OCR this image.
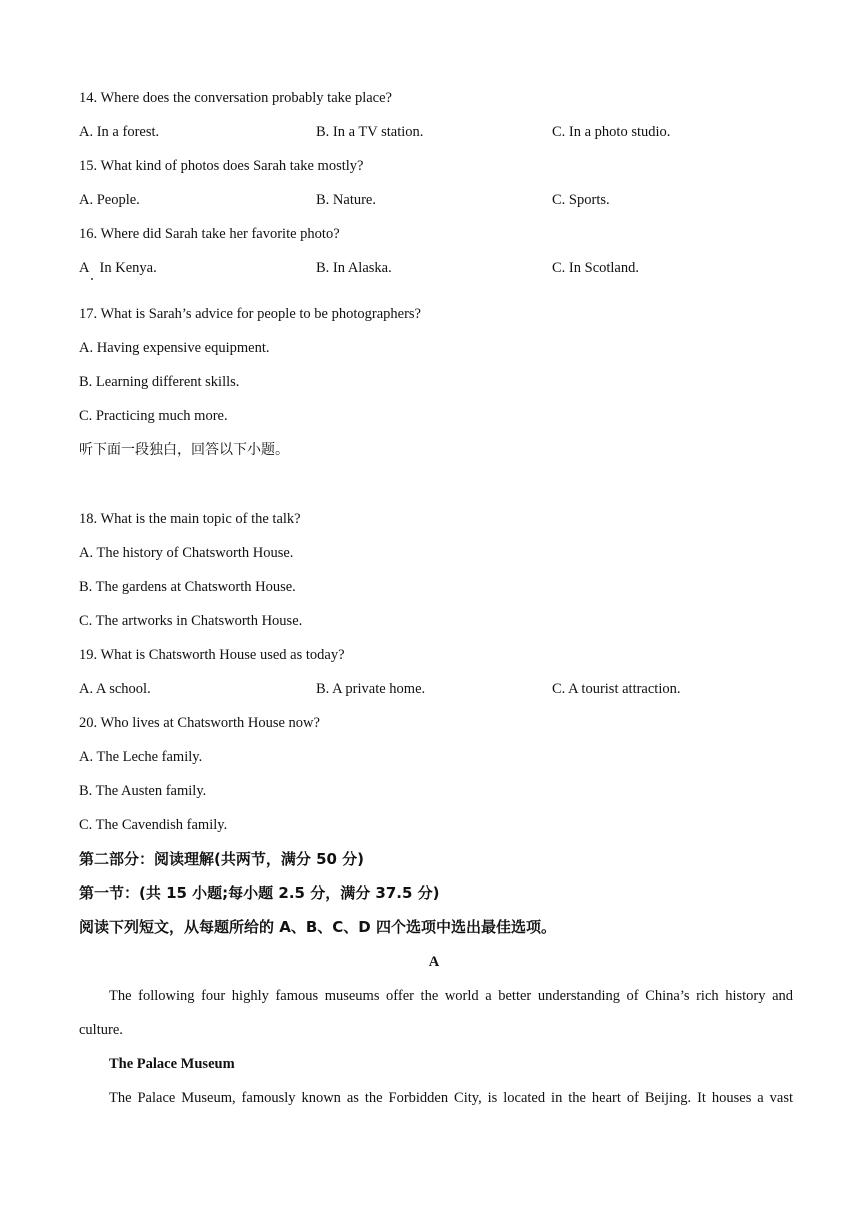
14. Where does the conversation probably take place?
A. In a forest.	B. In a TV station.	C. In a photo studio.
15. What kind of photos does Sarah take mostly?
A. People.	B. Nature.	C. Sports.
16. Where did Sarah take her favorite photo?
A   In Kenya.	B. In Alaska.	C. In Scotland.
17. What is Sarah’s advice for people to be photographers?
A. Having expensive equipment.
B. Learning different skills.
C. Practicing much more.
听下面一段独白，回答以下小题。
18. What is the main topic of the talk?
A. The history of Chatsworth House.
B. The gardens at Chatsworth House.
C. The artworks in Chatsworth House.
19. What is Chatsworth House used as today?
A. A school.	B. A private home.	C. A tourist attraction.
20. Who lives at Chatsworth House now?
A. The Leche family.
B. The Austen family.
C. The Cavendish family.
第二部分：阅读理解(共两节，满分 50 分)
第一节：(共 15 小题;每小题 2.5 分，满分 37.5 分)
阅读下列短文，从每题所给的 A、B、C、D 四个选项中选出最佳选项。
A
The following four highly famous museums offer the world a better understanding of China’s rich history and
culture.
The Palace Museum
The Palace Museum, famously known as the Forbidden City, is located in the heart of Beijing. It houses a vast
